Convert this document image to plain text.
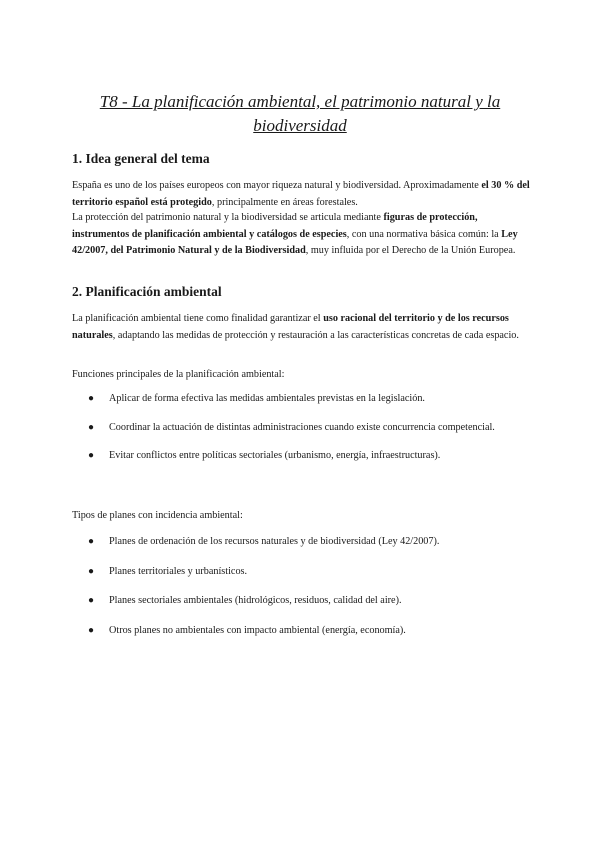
T8 - La planificación ambiental, el patrimonio natural y la biodiversidad
1. Idea general del tema

España es uno de los países europeos con mayor riqueza natural y biodiversidad. Aproximadamente el 30 % del territorio español está protegido, principalmente en áreas forestales.

La protección del patrimonio natural y la biodiversidad se articula mediante figuras de protección, instrumentos de planificación ambiental y catálogos de especies, con una normativa básica común: la Ley 42/2007, del Patrimonio Natural y de la Biodiversidad, muy influida por el Derecho de la Unión Europea.

2. Planificación ambiental

La planificación ambiental tiene como finalidad garantizar el uso racional del territorio y de los recursos naturales, adaptando las medidas de protección y restauración a las características concretas de cada espacio.

Funciones principales de la planificación ambiental:

● Aplicar de forma efectiva las medidas ambientales previstas en la legislación.
● Coordinar la actuación de distintas administraciones cuando existe concurrencia competencial.
● Evitar conflictos entre políticas sectoriales (urbanismo, energía, infraestructuras).

Tipos de planes con incidencia ambiental:

● Planes de ordenación de los recursos naturales y de biodiversidad (Ley 42/2007).
● Planes territoriales y urbanísticos.
● Planes sectoriales ambientales (hidrológicos, residuos, calidad del aire).
● Otros planes no ambientales con impacto ambiental (energía, economía).
